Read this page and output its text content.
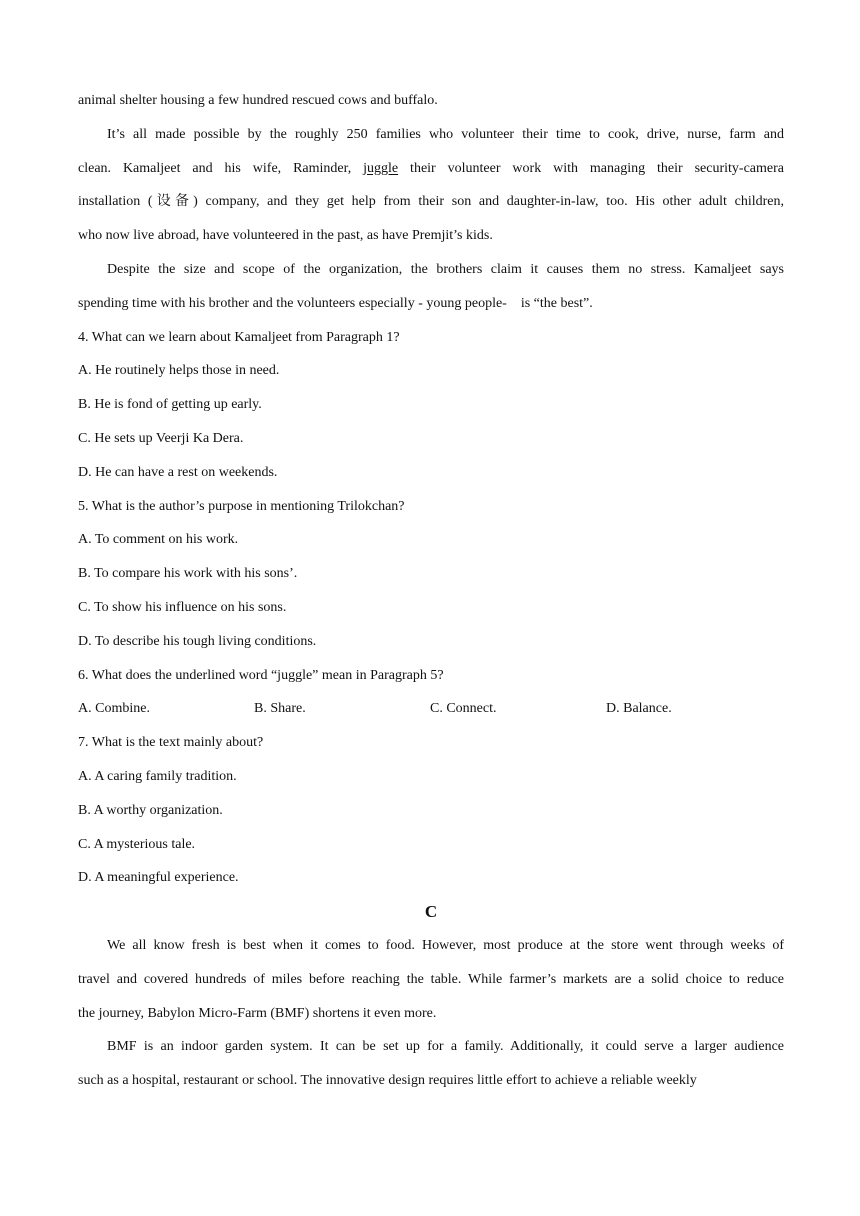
animal shelter housing a few hundred rescued cows and buffalo.
It’s all made possible by the roughly 250 families who volunteer their time to cook, drive, nurse, farm and
clean. Kamaljeet and his wife, Raminder, juggle their volunteer work with managing their security-camera
installation (设备) company, and they get help from their son and daughter-in-law, too. His other adult children,
who now live abroad, have volunteered in the past, as have Premjit’s kids.
Despite the size and scope of the organization, the brothers claim it causes them no stress. Kamaljeet says
spending time with his brother and the volunteers especially - young people-    is “the best”.
4. What can we learn about Kamaljeet from Paragraph 1?
A. He routinely helps those in need.
B. He is fond of getting up early.
C. He sets up Veerji Ka Dera.
D. He can have a rest on weekends.
5. What is the author’s purpose in mentioning Trilokchan?
A. To comment on his work.
B. To compare his work with his sons’.
C. To show his influence on his sons.
D. To describe his tough living conditions.
6. What does the underlined word “juggle” mean in Paragraph 5?
A. Combine.	B. Share.	C. Connect.	D. Balance.
7. What is the text mainly about?
A. A caring family tradition.
B. A worthy organization.
C. A mysterious tale.
D. A meaningful experience.
C
We all know fresh is best when it comes to food. However, most produce at the store went through weeks of
travel and covered hundreds of miles before reaching the table. While farmer’s markets are a solid choice to reduce
the journey, Babylon Micro-Farm (BMF) shortens it even more.
BMF is an indoor garden system. It can be set up for a family. Additionally, it could serve a larger audience
such as a hospital, restaurant or school. The innovative design requires little effort to achieve a reliable weekly
